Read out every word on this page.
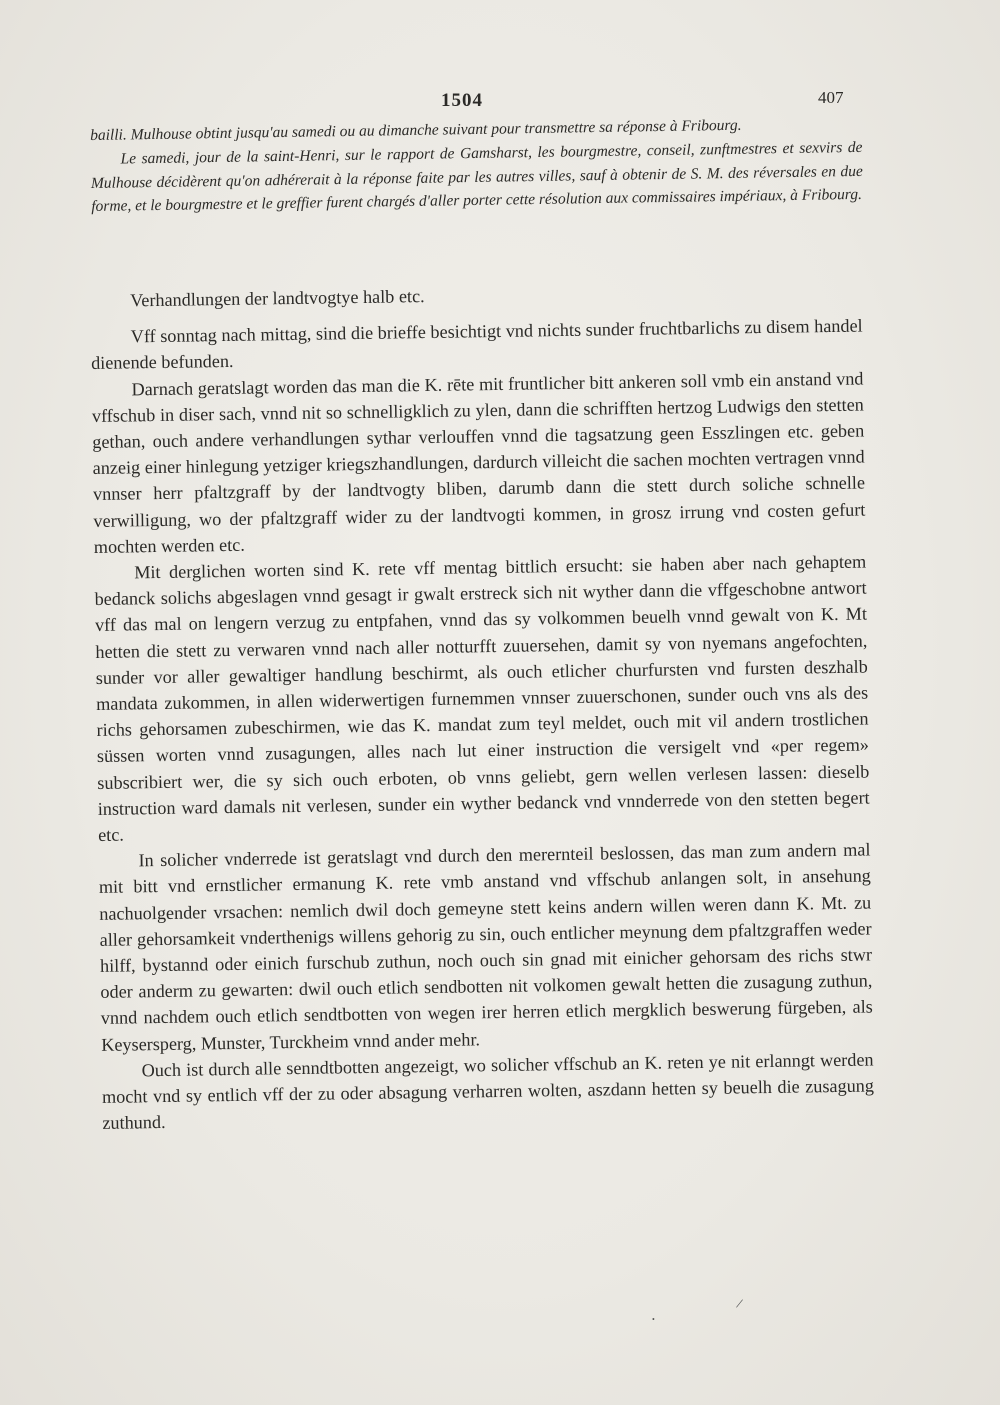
1504	407

bailli. Mulhouse obtint jusqu'au samedi ou au dimanche suivant pour transmettre sa réponse à Fribourg.

Le samedi, jour de la saint-Henri, sur le rapport de Gamsharst, les bourgmestre, conseil, zunftmestres et sexvirs de Mulhouse décidèrent qu'on adhérerait à la réponse faite par les autres villes, sauf à obtenir de S. M. des réversales en due forme, et le bourgmestre et le greffier furent chargés d'aller porter cette résolution aux commissaires impériaux, à Fribourg.

Verhandlungen der landtvogtye halb etc.

Vff sonntag nach mittag, sind die brieffe besichtigt vnd nichts sunder fruchtbarlichs zu disem handel dienende befunden.

Darnach geratslagt worden das man die K. rēte mit fruntlicher bitt ankeren soll vmb ein anstand vnd vffschub in diser sach, vnnd nit so schnelligklich zu ylen, dann die schrifften hertzog Ludwigs den stetten gethan, ouch andere verhandlungen sythar verlouffen vnnd die tagsatzung geen Esszlingen etc. geben anzeig einer hinlegung yetziger kriegszhandlungen, dardurch villeicht die sachen mochten vertragen vnnd vnnser herr pfaltzgraff by der landtvogty bliben, darumb dann die stett durch soliche schnelle verwilligung, wo der pfaltzgraff wider zu der landtvogti kommen, in grosz irrung vnd costen gefurt mochten werden etc.

Mit derglichen worten sind K. rete vff mentag bittlich ersucht: sie haben aber nach gehaptem bedanck solichs abgeslagen vnnd gesagt ir gwalt erstreck sich nit wyther dann die vffgeschobne antwort vff das mal on lengern verzug zu entpfahen, vnnd das sy volkommen beuelh vnnd gewalt von K. Mt hetten die stett zu verwaren vnnd nach aller notturfft zuuersehen, damit sy von nyemans angefochten, sunder vor aller gewaltiger handlung beschirmt, als ouch etlicher churfursten vnd fursten deszhalb mandata zukommen, in allen widerwertigen furnemmen vnnser zuuerschonen, sunder ouch vns als des richs gehorsamen zubeschirmen, wie das K. mandat zum teyl meldet, ouch mit vil andern trostlichen süssen worten vnnd zusagungen, alles nach lut einer instruction die versigelt vnd «per regem» subscribiert wer, die sy sich ouch erboten, ob vnns geliebt, gern wellen verlesen lassen: dieselb instruction ward damals nit verlesen, sunder ein wyther bedanck vnd vnnderrede von den stetten begert etc.

In solicher vnderrede ist geratslagt vnd durch den merernteil beslossen, das man zum andern mal mit bitt vnd ernstlicher ermanung K. rete vmb anstand vnd vffschub anlangen solt, in ansehung nachuolgender vrsachen: nemlich dwil doch gemeyne stett keins andern willen weren dann K. Mt. zu aller gehorsamkeit vnderthenigs willens gehorig zu sin, ouch entlicher meynung dem pfaltzgraffen weder hilff, bystannd oder einich furschub zuthun, noch ouch sin gnad mit einicher gehorsam des richs stwr oder anderm zu gewarten: dwil ouch etlich sendbotten nit volkomen gewalt hetten die zusagung zuthun, vnnd nachdem ouch etlich sendtbotten von wegen irer herren etlich mergklich beswerung fürgeben, als Keysersperg, Munster, Turckheim vnnd ander mehr.

Ouch ist durch alle senndtbotten angezeigt, wo solicher vffschub an K. reten ye nit erlanngt werden mocht vnd sy entlich vff der zu oder absagung verharren wolten, aszdann hetten sy beuelh die zusagung zuthund.

/
•
